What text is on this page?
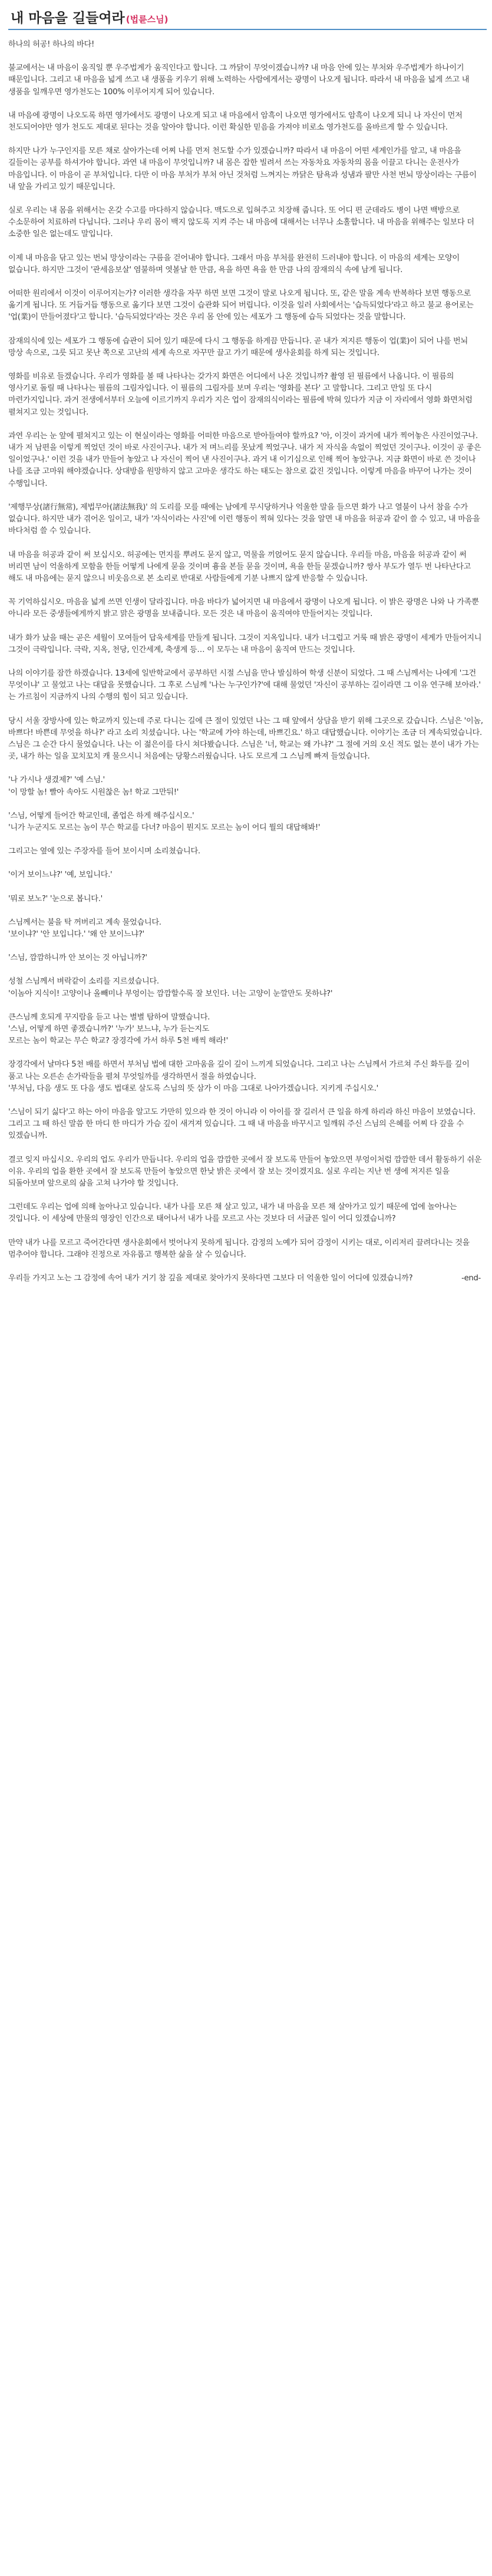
내 마음을 길들여라 (법륜스님)

하나의 허공! 하나의 바다!

불교에서는 내 마음이 움직일 뿐 우주법계가 움직인다고 합니다. 그 까닭이 무엇이겠습니까? 내 마음 안에 있는 부처와 우주법계가 하나이기 때문입니다. 그리고 내 마음을 넓게 쓰고 내 생품을 키우기 위해 노력하는 사람에게서는 광명이 나오게 됩니다. 따라서 내 마음을 넓게 쓰고 내 생품을 일깨우면 영가천도는 100% 이루어지게 되어 있습니다.

내 마음에 광명이 나오도록 하면 영가에서도 광명이 나오게 되고 내 마음에서 암흑이 나오면 영가에서도 암흑이 나오게 되니 나 자신이 먼저 천도되어야만 영가 천도도 제대로 된다는 것을 알아야 합니다. 이런 확실한 믿음을 가져야 비로소 영가천도를 올바르게 할 수 있습니다.

하지만 나가 누구인지를 모른 채로 살아가는데 어찌 나를 먼저 천도할 수가 있겠습니까? 따라서 내 마음이 어떤 세계인가를 알고, 내 마음을 길들이는 공부를 하셔가야 합니다. 과연 내 마음이 무엇입니까? 내 몸은 잡한 빌려서 쓰는 자동차요 자동차의 몸을 이끌고 다니는 운전사가 마음입니다. 이 마음이 곧 부처입니다. 다만 이 마음 부처가 부처 아닌 것처럼 느껴지는 까닭은 탐욕과 성냄과 팔만 사천 번뇌 망상이라는 구름이 내 앞을 가리고 있기 때문입니다.

실로 우리는 내 몸을 위해서는 온갖 수고를 마다하지 않습니다. 맥도으로 입혀주고 치장해 줍니다. 또 어디 편 군데라도 병이 나면 백방으로 수소문하여 치료하려 다닙니다. 그러나 우리 몸이 백지 않도록 지켜 주는 내 마음에 대해서는 너무나 소홀합니다. 내 마음을 위해주는 일보다 더 소중한 일은 없는데도 말입니다.

이제 내 마음을 닦고 있는 번뇌 망상이라는 구름을 걷어내야 합니다. 그래서 마음 부처를 완전히 드러내야 합니다. 이 마음의 세계는 모양이 없습니다. 하지만 그것이 '관세음보살' 염불하며 엿볼날 한 만큼, 욕을 하면 욕을 한 만큼 나의 잠재의식 속에 남게 됩니다.

어떠한 원리에서 이것이 이루어지는가? 이러한 생각을 자꾸 하면 보면 그것이 말로 나오게 됩니다. 또, 같은 말을 계속 반복하다 보면 행동으로 옮기게 됩니다. 또 거듭거듭 행동으로 옮기다 보면 그것이 습관화 되어 버립니다. 이것을 일러 사회에서는 '습득되었다'라고 하고 불교 용어로는 '업(業)이 만들어졌다'고 합니다. '습득되었다'라는 것은 우리 몸 안에 있는 세포가 그 행동에 습득 되었다는 것을 말합니다.

잠재의식에 있는 세포가 그 행동에 습관이 되어 있기 때문에 다시 그 행동을 하게끔 만듭니다. 곧 내가 저지른 행동이 업(業)이 되어 나를 번뇌 망상 속으로, 그릇 되고 못난 쪽으로 고난의 세계 속으로 자꾸만 끌고 가기 때문에 생사윤회를 하게 되는 것입니다.

영화를 비유로 들겠습니다. 우리가 영화를 볼 때 나타나는 갖가지 화면은 어디에서 나온 것입니까? 촬영 된 필름에서 나옵니다. 이 필름의 영사기로 돌릴 때 나타나는 필름의 그림자입니다. 이 필름의 그림자를 보며 우리는 '영화를 본다' 고 말합니다. 그리고 만일 또 다시 마련가지입니다. 과거 전생에서부터 오늘에 이르기까지 우리가 지은 업이 잠재의식이라는 필름에 박혀 있다가 지금 이 자리에서 영화 화면처럼 펼쳐지고 있는 것입니다.

과연 우리는 눈 앞에 펼쳐지고 있는 이 현실이라는 영화를 어떠한 마음으로 받아들여야 할까요? '아, 이것이 과거에 내가 찍어놓은 사진이었구나. 내가 저 남편을 이렇게 찍었던 것이 바로 사진이구나. 내가 저 며느리를 못났게 찍었구나. 내가 저 자식을 속없이 찍었던 것이구나. 이것이 공 좋은 일이었구나.' 이런 것을 내가 만들어 놓았고 나 자신이 찍어 낸 사진이구나. 과거 내 이기심으로 인해 찍어 놓았구나. 지금 화면이 바로 쓴 것이나 나를 조금 고마워 해야겠습니다. 상대방을 원망하지 않고 고마운 생각도 하는 태도는 참으로 값진 것입니다. 이렇게 마음을 바꾸어 나가는 것이 수행입니다.

'제행무상(諸行無常), 제법무아(諸法無我)' 의 도리를 모를 때에는 남에게 무시당하거나 억울한 말을 들으면 화가 나고 열불이 나서 참을 수가 없습니다. 하지만 내가 겪어온 일이고, 내가 '자식이라는 사진'에 이런 행동이 찍혀 있다는 것을 알면 내 마음을 허공과 같이 쓸 수 있고, 내 마음을 바다처럼 쓸 수 있습니다.

내 마음을 허공과 같이 써 보십시오. 허공에는 먼지를 뿌려도 묻지 않고, 먹물을 끼얹어도 묻지 않습니다. 우리들 마음, 마음을 허공과 같이 써 버리면 남이 억울하게 모함을 한들 어떻게 나에게 묻을 것이며 흉을 본들 묻을 것이며, 욕을 한들 묻겠습니까? 쌍사 부도가 열두 번 나타난다고 해도 내 마음에는 묻지 않으니 비웃음으로 본 소리로 반대로 사람들에게 기분 나쁘지 않게 반응할 수 있습니다.

꼭 기억하십시오. 마음을 넓게 쓰면 인생이 달라집니다. 마음 바다가 넓어지면 내 마음에서 광명이 나오게 됩니다. 이 밝은 광명은 나와 나 가족뿐 아니라 모든 중생들에게까지 밝고 맑은 광명을 보내줍니다. 모든 것은 내 마음이 움직여야 만들어지는 것입니다.

내가 화가 났을 때는 곧은 세월이 모여들어 답욱세계를 만들게 됩니다. 그것이 지옥입니다. 내가 너그럽고 거룩 때 밝은 광명이 세계가 만들어지니 그것이 극락입니다. 극락, 지옥, 천당, 인간세계, 축생계 등… 이 모두는 내 마음이 움직여 만드는 것입니다.

나의 이야기를 잠깐 하겠습니다. 13세에 일반학교에서 공부하던 시절 스님을 만나 발심하여 학생 신분이 되었다. 그 때 스님께서는 나에게 '그건 무엇이냐' 고 물었고 나는 대답을 못했습니다. 그 후로 스님께 '나는 누구인가?'에 대해 물었던 '자신이 공부하는 길이라면 그 이유 연구해 보아라.' 는 가르침이 지금까지 나의 수행의 힘이 되고 있습니다.

당시 서울 장방사에 있는 학교까지 있는데 주로 다니는 길에 큰 절이 있었던 나는 그 때 앞에서 상담을 받기 위해 그곳으로 갔습니다. 스님은 '이놈, 바쁘다! 바쁜데 무엇을 하나?' 라고 소리 치셨습니다. 나는 '학교에 가야 하는데, 바쁘긴요.' 하고 대답했습니다. 이야기는 조금 더 계속되었습니다. 스님은 그 순간 다시 물었습니다. 나는 이 젊은이를 다시 쳐다봤습니다. 스님은 '너, 학교는 왜 가냐?' 그 절에 거의 오신 적도 없는 분이 내가 가는 곳, 내가 하는 일을 꼬치꼬치 캐 물으시니 처음에는 당황스러웠습니다. 나도 모르게 그 스님께 빠져 들었습니다.

'나 가시나 생겼제?' '예 스님.'
'이 망할 놈! 빨아 속아도 시원찮은 놈! 학교 그만둬!'

'스님, 어떻게 들어간 학교인데, 졸업은 하게 해주십시오.'
'니가 누군지도 모르는 놈이 무슨 학교를 다녀? 마음이 뭔지도 모르는 놈이 어디 뭘의 대답해봐!'

그리고는 옆에 있는 주장자를 들어 보이시며 소리쳤습니다.

'이거 보이느냐?' '예, 보입니다.'

'뭐로 보노?' '눈으로 봅니다.'

스님께서는 불을 탁 꺼버리고 계속 물었습니다.
'보이냐?' '안 보입니다.' '왜 안 보이느냐?'

'스님, 깜깜하니까 안 보이는 것 아닙니까?'

성철 스님께서 벼락같이 소리를 지르셨습니다.
'이놈아 지식이! 고양이나 올빼미나 부엉이는 깜깜할수록 잘 보인다. 너는 고양이 눈깔만도 못하냐?'

큰스님께 호되게 꾸지람을 듣고 나는 별별 탐하여 말했습니다.
'스님, 어떻게 하면 좋겠습니까?' '누가' 보느냐, 누가 듣는지도
모르는 놈이 학교는 무슨 학교? 장경각에 가서 하루 5천 배씩 해라!'

장경각에서 날마다 5천 배를 하면서 부처님 법에 대한 고마움을 깊이 깊이 느끼게 되었습니다. 그리고 나는 스님께서 가르쳐 주신 화두를 깊이 품고 나는 오른손 손가락들을 펼쳐 무엇일까를 생각하면서 절을 하였습니다.
'부처님, 다음 생도 또 다음 생도 법대로 살도록 스님의 뜻 삼가 이 마음 그대로 나아가겠습니다. 지키게 주십시오.'

'스님이 되기 싫다'고 하는 아이 마음을 알고도 가만히 있으라 한 것이 아니라 이 아이를 잘 길러서 큰 일을 하게 하리라 하신 마음이 보였습니다. 그리고 그 때 하신 말씀 한 마디 한 마디가 가슴 깊이 새겨져 있습니다. 그 때 내 마음을 바꾸시고 일깨워 주신 스님의 은혜를 어찌 다 갚을 수 있겠습니까.

결코 잊지 마십시오. 우리의 업도 우리가 만듭니다. 우리의 업을 깜깜한 곳에서 잘 보도록 만들어 놓았으면 부엉이처럼 깜깜한 데서 활동하기 쉬운 이유. 우리의 업을 환한 곳에서 잘 보도록 만들어 놓았으면 한낮 밝은 곳에서 잘 보는 것이겠지요. 실로 우리는 지난 번 생에 저지른 일을 되돌아보며 앞으로의 삶을 고쳐 나가야 할 것입니다.

그런데도 우리는 업에 의해 놀아나고 있습니다. 내가 나를 모른 채 살고 있고, 내가 내 마음을 모른 채 살아가고 있기 때문에 업에 놀아나는 것입니다. 이 세상에 만물의 영장인 인간으로 태어나서 내가 나를 모르고 사는 것보다 더 서글픈 일이 어디 있겠습니까?

만약 내가 나를 모르고 죽어간다면 생사윤회에서 벗어나지 못하게 됩니다. 감정의 노예가 되어 감정이 시키는 대로, 이리저리 끌려다니는 것을 멈추어야 합니다. 그래야 진정으로 자유롭고 행복한 삶을 살 수 있습니다.

우리들 가지고 노는 그 감정에 속어 내가 거기 참 깊을 제대로 찾아가지 못하다면 그보다 더 억울한 일이 어디에 있겠습니까?	-end-
